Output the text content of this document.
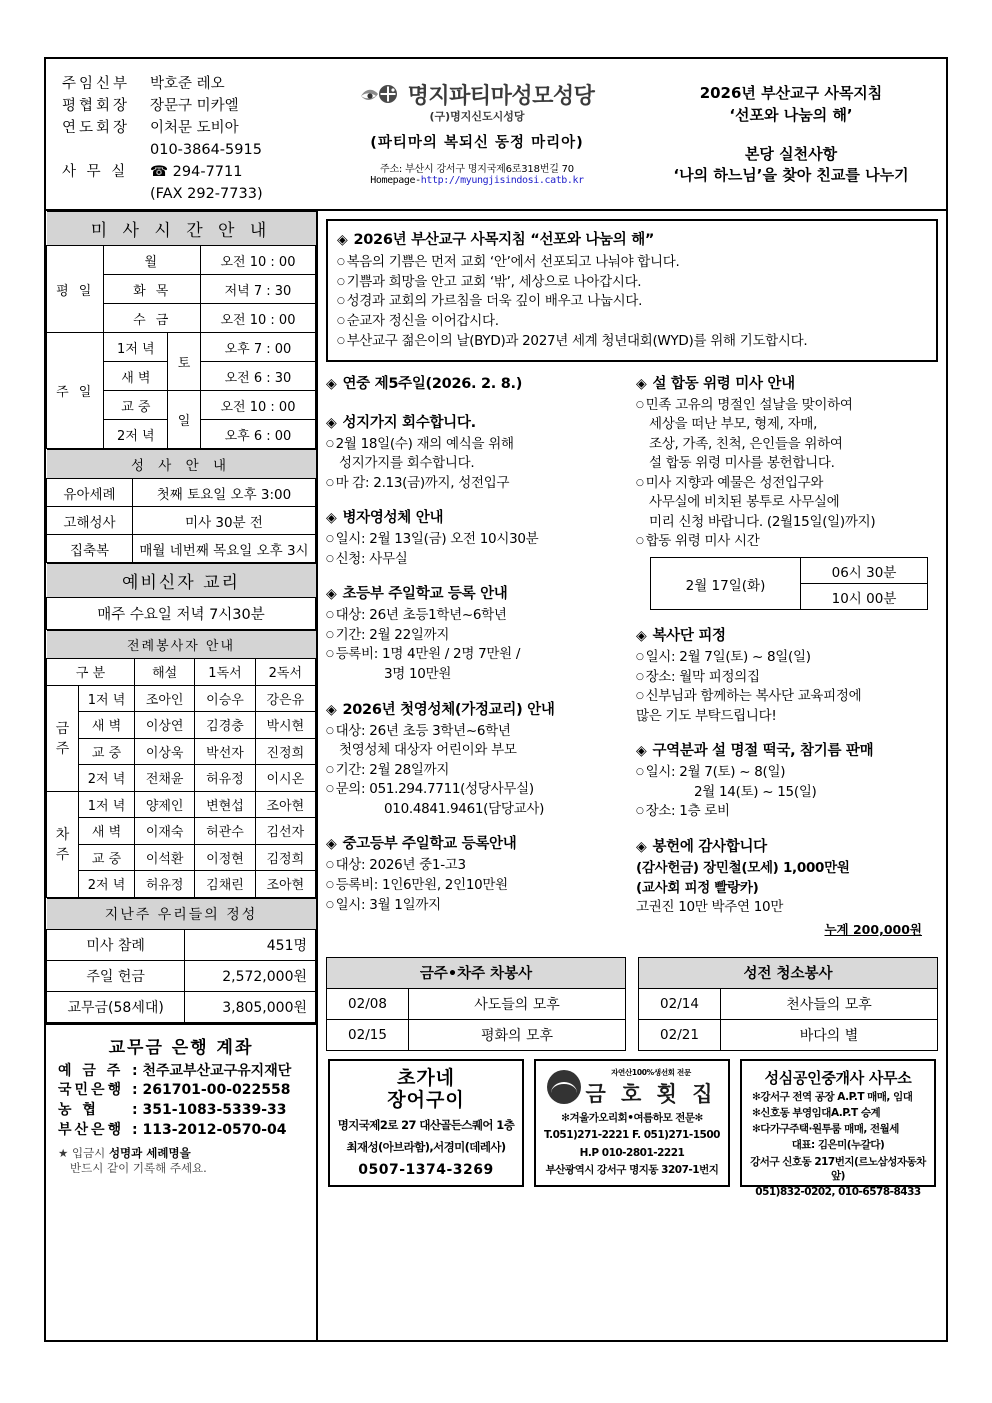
주임신부	박호준 레오
평협회장	장문구 미카엘
연도회장	이처문 도비아
010-3864-5915
사 무 실	☎ 294-7711
(FAX 292-7733)
명지파티마성모성당
(구)명지신도시성당
(파티마의 복되신 동정 마리아)
주소: 부산시 강서구 명지국제6로318번길 70
Homepage-http://myungjisindosi.catb.kr
2026년 부산교구 사목지침
‘선포와 나눔의 해’
본당 실천사항
‘나의 하느님’을 찾아 친교를 나누기
미 사 시 간 안 내			
평 일	월		오전 10 : 00
	화 목		저녁 7 : 30
	수 금		오전 10 : 00
주 일	1저 녁	토	오후 7 : 00
	새 벽		오전 6 : 30
	교 중	일	오전 10 : 00
	2저 녁		오후 6 : 00
성 사 안 내	
유아세례	첫째 토요일 오후 3:00
고해성사	미사 30분 전
집축복	매월 네번째 목요일 오후 3시
예비신자 교리
매주 수요일 저녁 7시30분
전례봉사자 안내				
구 분		해설	1독서	2독서
금
주	1저 녁	조아인	이승우	강은유
	새 벽	이상연	김경충	박시현
	교 중	이상욱	박선자	진정희
	2저 녁	전채윤	허유정	이시온
차
주	1저 녁	양제인	변현섭	조아현
	새 벽	이재숙	허관수	김선자
	교 중	이석환	이정현	김정희
	2저 녁	허유정	김채린	조아현
지난주 우리들의 정성	
미사 참례	451명
주일 헌금	2,572,000원
교무금(58세대)	3,805,000원
교무금 은행 계좌
예 금 주 : 천주교부산교구유지재단
국민은행 : 261701-00-022558
농 협 : 351-1083-5339-33
부산은행 : 113-2012-0570-04
★ 입금시 성명과 세례명을
반드시 같이 기록해 주세요.
◈ 2026년 부산교구 사목지침 “선포와 나눔의 해”
○ 복음의 기쁨은 먼저 교회 ‘안’에서 선포되고 나눠야 합니다.
○ 기쁨과 희망을 안고 교회 ‘밖’, 세상으로 나아갑시다.
○ 성경과 교회의 가르침을 더욱 깊이 배우고 나눕시다.
○ 순교자 정신을 이어갑시다.
○ 부산교구 젊은이의 날(BYD)과 2027년 세계 청년대회(WYD)를 위해 기도합시다.
◈ 연중 제5주일(2026. 2. 8.)
◈ 성지가지 회수합니다.
○ 2월 18일(수) 재의 예식을 위해
성지가지를 회수합니다.
○ 마 감: 2.13(금)까지, 성전입구
◈ 병자영성체 안내
○ 일시: 2월 13일(금) 오전 10시30분
○ 신청: 사무실
◈ 초등부 주일학교 등록 안내
○ 대상: 26년 초등1학년~6학년
○ 기간: 2월 22일까지
○ 등록비: 1명 4만원 / 2명 7만원 /
3명 10만원
◈ 2026년 첫영성체(가정교리) 안내
○ 대상: 26년 초등 3학년~6학년
첫영성체 대상자 어린이와 부모
○ 기간: 2월 28일까지
○ 문의: 051.294.7711(성당사무실)
010.4841.9461(담당교사)
◈ 중고등부 주일학교 등록안내
○ 대상: 2026년 중1-고3
○ 등록비: 1인6만원, 2인10만원
○ 일시: 3월 1일까지
◈ 설 합동 위령 미사 안내
○ 민족 고유의 명절인 설날을 맞이하여
세상을 떠난 부모, 형제, 자매,
조상, 가족, 친척, 은인들을 위하여
설 합동 위령 미사를 봉헌합니다.
○ 미사 지향과 예물은 성전입구와
사무실에 비치된 봉투로 사무실에
미리 신청 바랍니다. (2월15일(일)까지)
○ 합동 위령 미사 시간
2월 17일(화)	06시 30분
10시 00분
◈ 복사단 피정
○ 일시: 2월 7일(토) ~ 8일(일)
○ 장소: 월막 피정의집
○ 신부님과 함께하는 복사단 교육피정에
많은 기도 부탁드립니다!
◈ 구역분과 설 명절 떡국, 참기름 판매
○ 일시: 2월 7(토) ~ 8(일)
2월 14(토) ~ 15(일)
○ 장소: 1층 로비
◈ 봉헌에 감사합니다
(감사헌금) 장민철(모세) 1,000만원
(교사회 피정 빨랑카)
고권진 10만 박주연 10만
누계 200,000원
금주•차주 차봉사	
02/08	사도들의 모후
02/15	평화의 모후
성전 청소봉사	
02/14	천사들의 모후
02/21	바다의 별
초가네
장어구이
명지국제2로 27 대산골든스퀘어 1층
최재성(아브라함),서경미(데레사)
0507-1374-3269
자연산100%생선회 전문
금 호 횟 집
✻겨울가오리회•여름하모 전문✻
T.051)271-2221 F. 051)271-1500
H.P 010-2801-2221
부산광역시 강서구 명지동 3207-1번지
성심공인중개사 사무소
✻강서구 전역 공장 A.P.T 매매, 임대
✻신호동 부영임대A.P.T 승계
✻다가구주택·원투룸 매매, 전월세
대표: 김은미(누갈다)
강서구 신호동 217번지(르노삼성자동차 앞)
051)832-0202, 010-6578-8433
